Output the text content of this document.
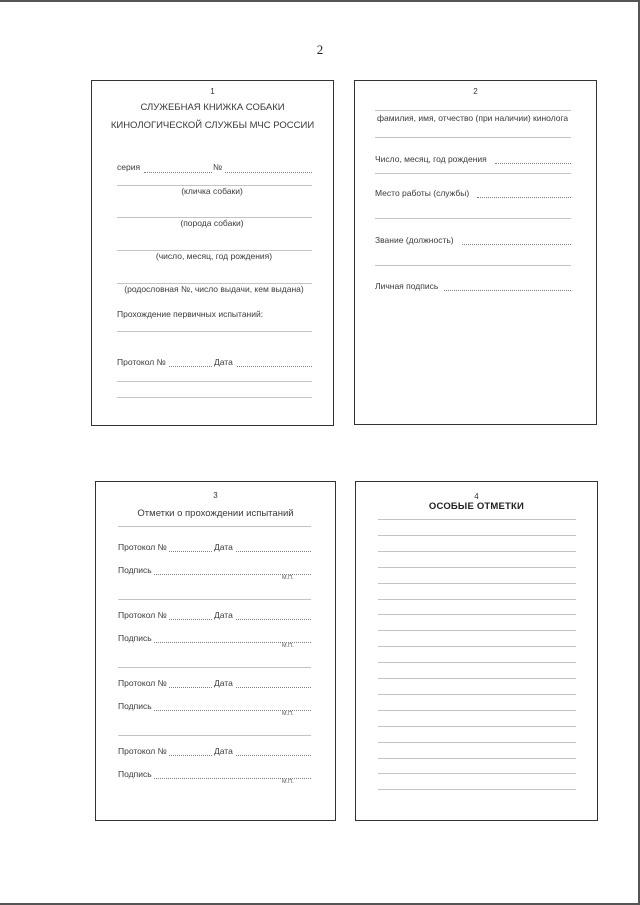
2
1
СЛУЖЕБНАЯ КНИЖКА СОБАКИ
КИНОЛОГИЧЕСКОЙ СЛУЖБЫ МЧС РОССИИ
серия	№
(кличка собаки)
(порода собаки)
(число, месяц, год рождения)
(родословная №, число выдачи, кем выдана)
Прохождение первичных испытаний:
Протокол №	Дата
2
фамилия, имя, отчество (при наличии) кинолога
Число, месяц, год рождения
Место работы (службы)
Звание (должность)
Личная подпись
3
Отметки о прохождении испытаний
Протокол №	Дата
Подпись
М.П.
Протокол №	Дата
Подпись
М.П.
Протокол №	Дата
Подпись
М.П.
Протокол №	Дата
Подпись
М.П.
4
ОСОБЫЕ ОТМЕТКИ
